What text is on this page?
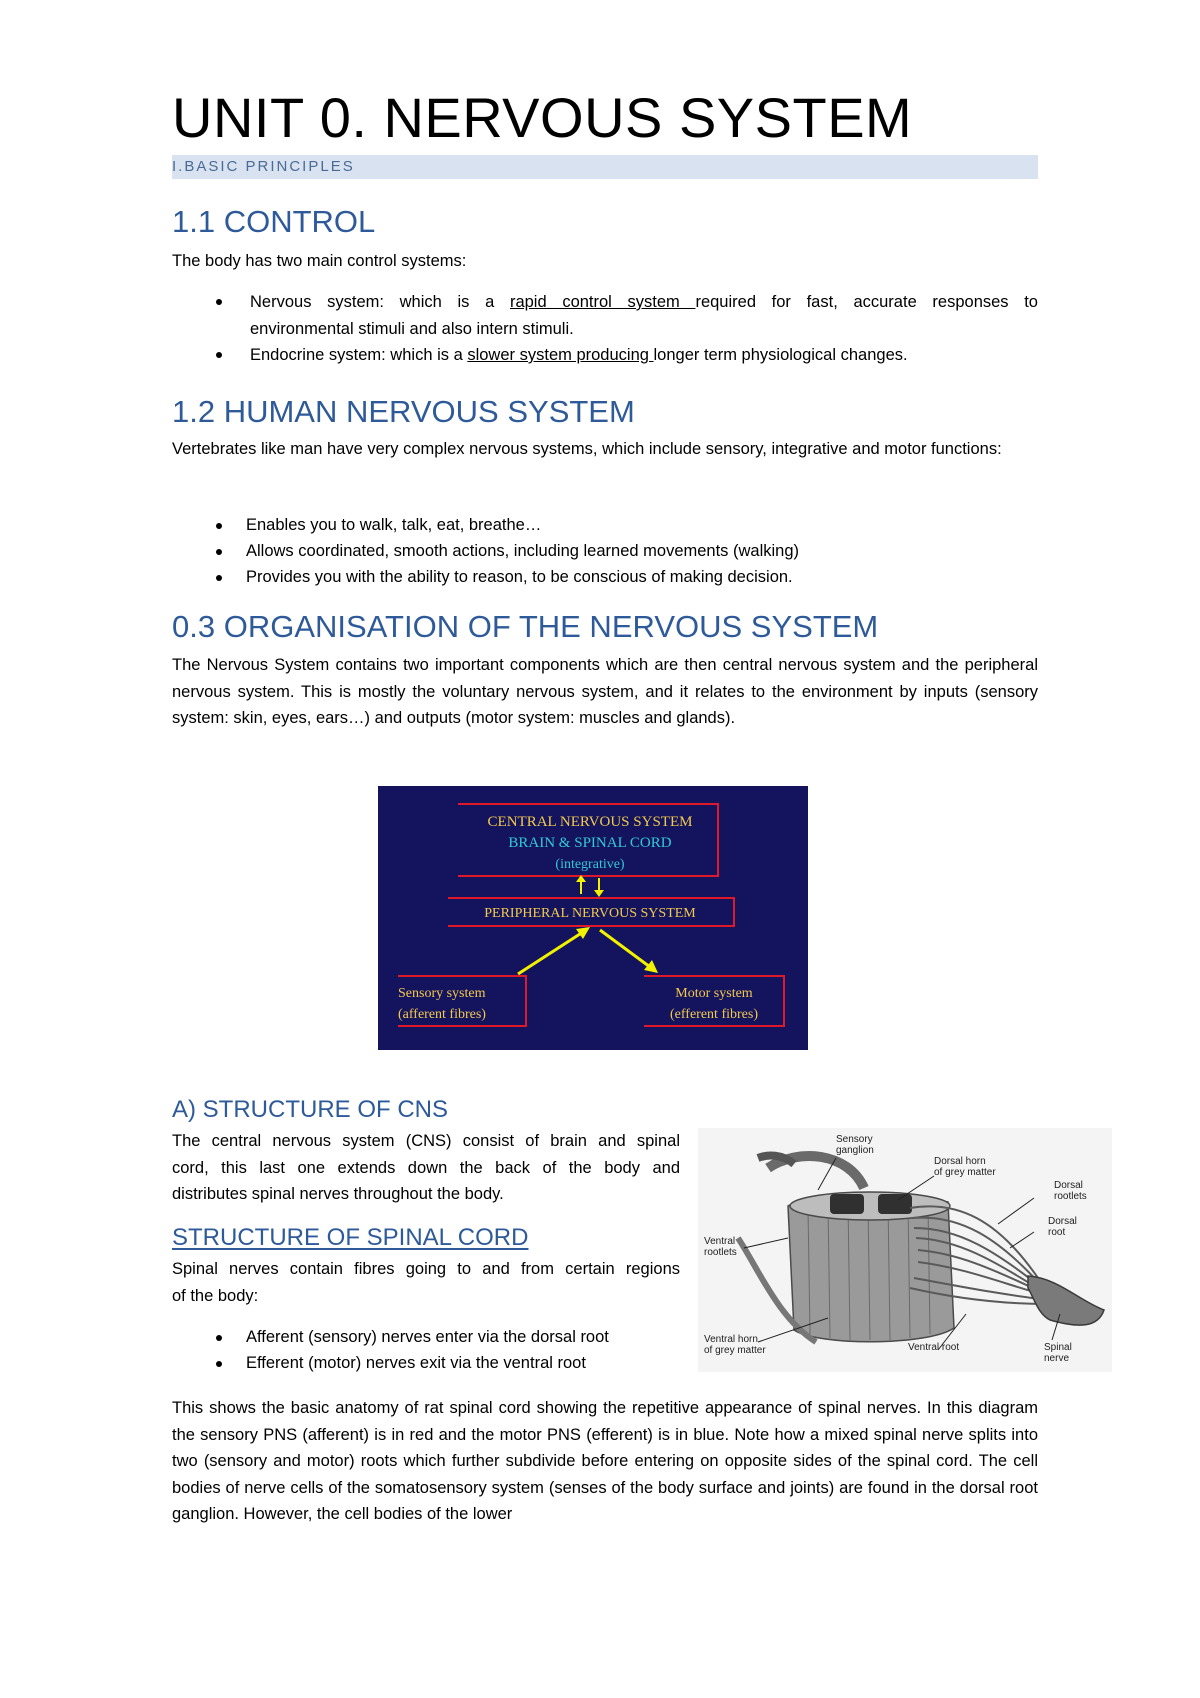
UNIT 0. NERVOUS SYSTEM
I.BASIC PRINCIPLES
1.1 CONTROL
The body has two main control systems:
Nervous system: which is a rapid control system required for fast, accurate responses to
environmental stimuli and also intern stimuli.
Endocrine system: which is a slower system producing longer term physiological changes.
1.2 HUMAN NERVOUS SYSTEM
Vertebrates like man have very complex nervous systems, which include sensory, integrative and motor functions:
Enables you to walk, talk, eat, breathe…
Allows coordinated, smooth actions, including learned movements (walking)
Provides you with the ability to reason, to be conscious of making decision.
0.3 ORGANISATION OF THE NERVOUS SYSTEM
The Nervous System contains two important components which are then central nervous system and the peripheral nervous system. This is mostly the voluntary nervous system, and it relates to the environment by inputs (sensory system: skin, eyes, ears…) and outputs (motor system: muscles and glands).
CENTRAL NERVOUS SYSTEM
BRAIN & SPINAL CORD
(integrative)
PERIPHERAL NERVOUS SYSTEM
Sensory system
(afferent fibres)
Motor system
(efferent fibres)
A) STRUCTURE OF CNS
The central nervous system (CNS) consist of brain and spinal
cord, this last one extends down the back of the body and
distributes spinal nerves throughout the body.
STRUCTURE OF SPINAL CORD
Spinal nerves contain fibres going to and from certain regions
of the body:
Afferent (sensory) nerves enter via the dorsal root
Efferent (motor) nerves exit via the ventral root
Sensory
ganglion
Dorsal horn
of grey matter
Dorsal
rootlets
Dorsal
root
Ventral
rootlets
Ventral horn
of grey matter	Ventral root	Spinal
nerve
This shows the basic anatomy of rat spinal cord showing the repetitive appearance of spinal nerves. In this diagram the sensory PNS (afferent) is in red and the motor PNS (efferent) is in blue. Note how a mixed spinal nerve splits into two (sensory and motor) roots which further subdivide before entering on opposite sides of the spinal cord. The cell bodies of nerve cells of the somatosensory system (senses of the body surface and joints) are found in the dorsal root ganglion. However, the cell bodies of the lower
